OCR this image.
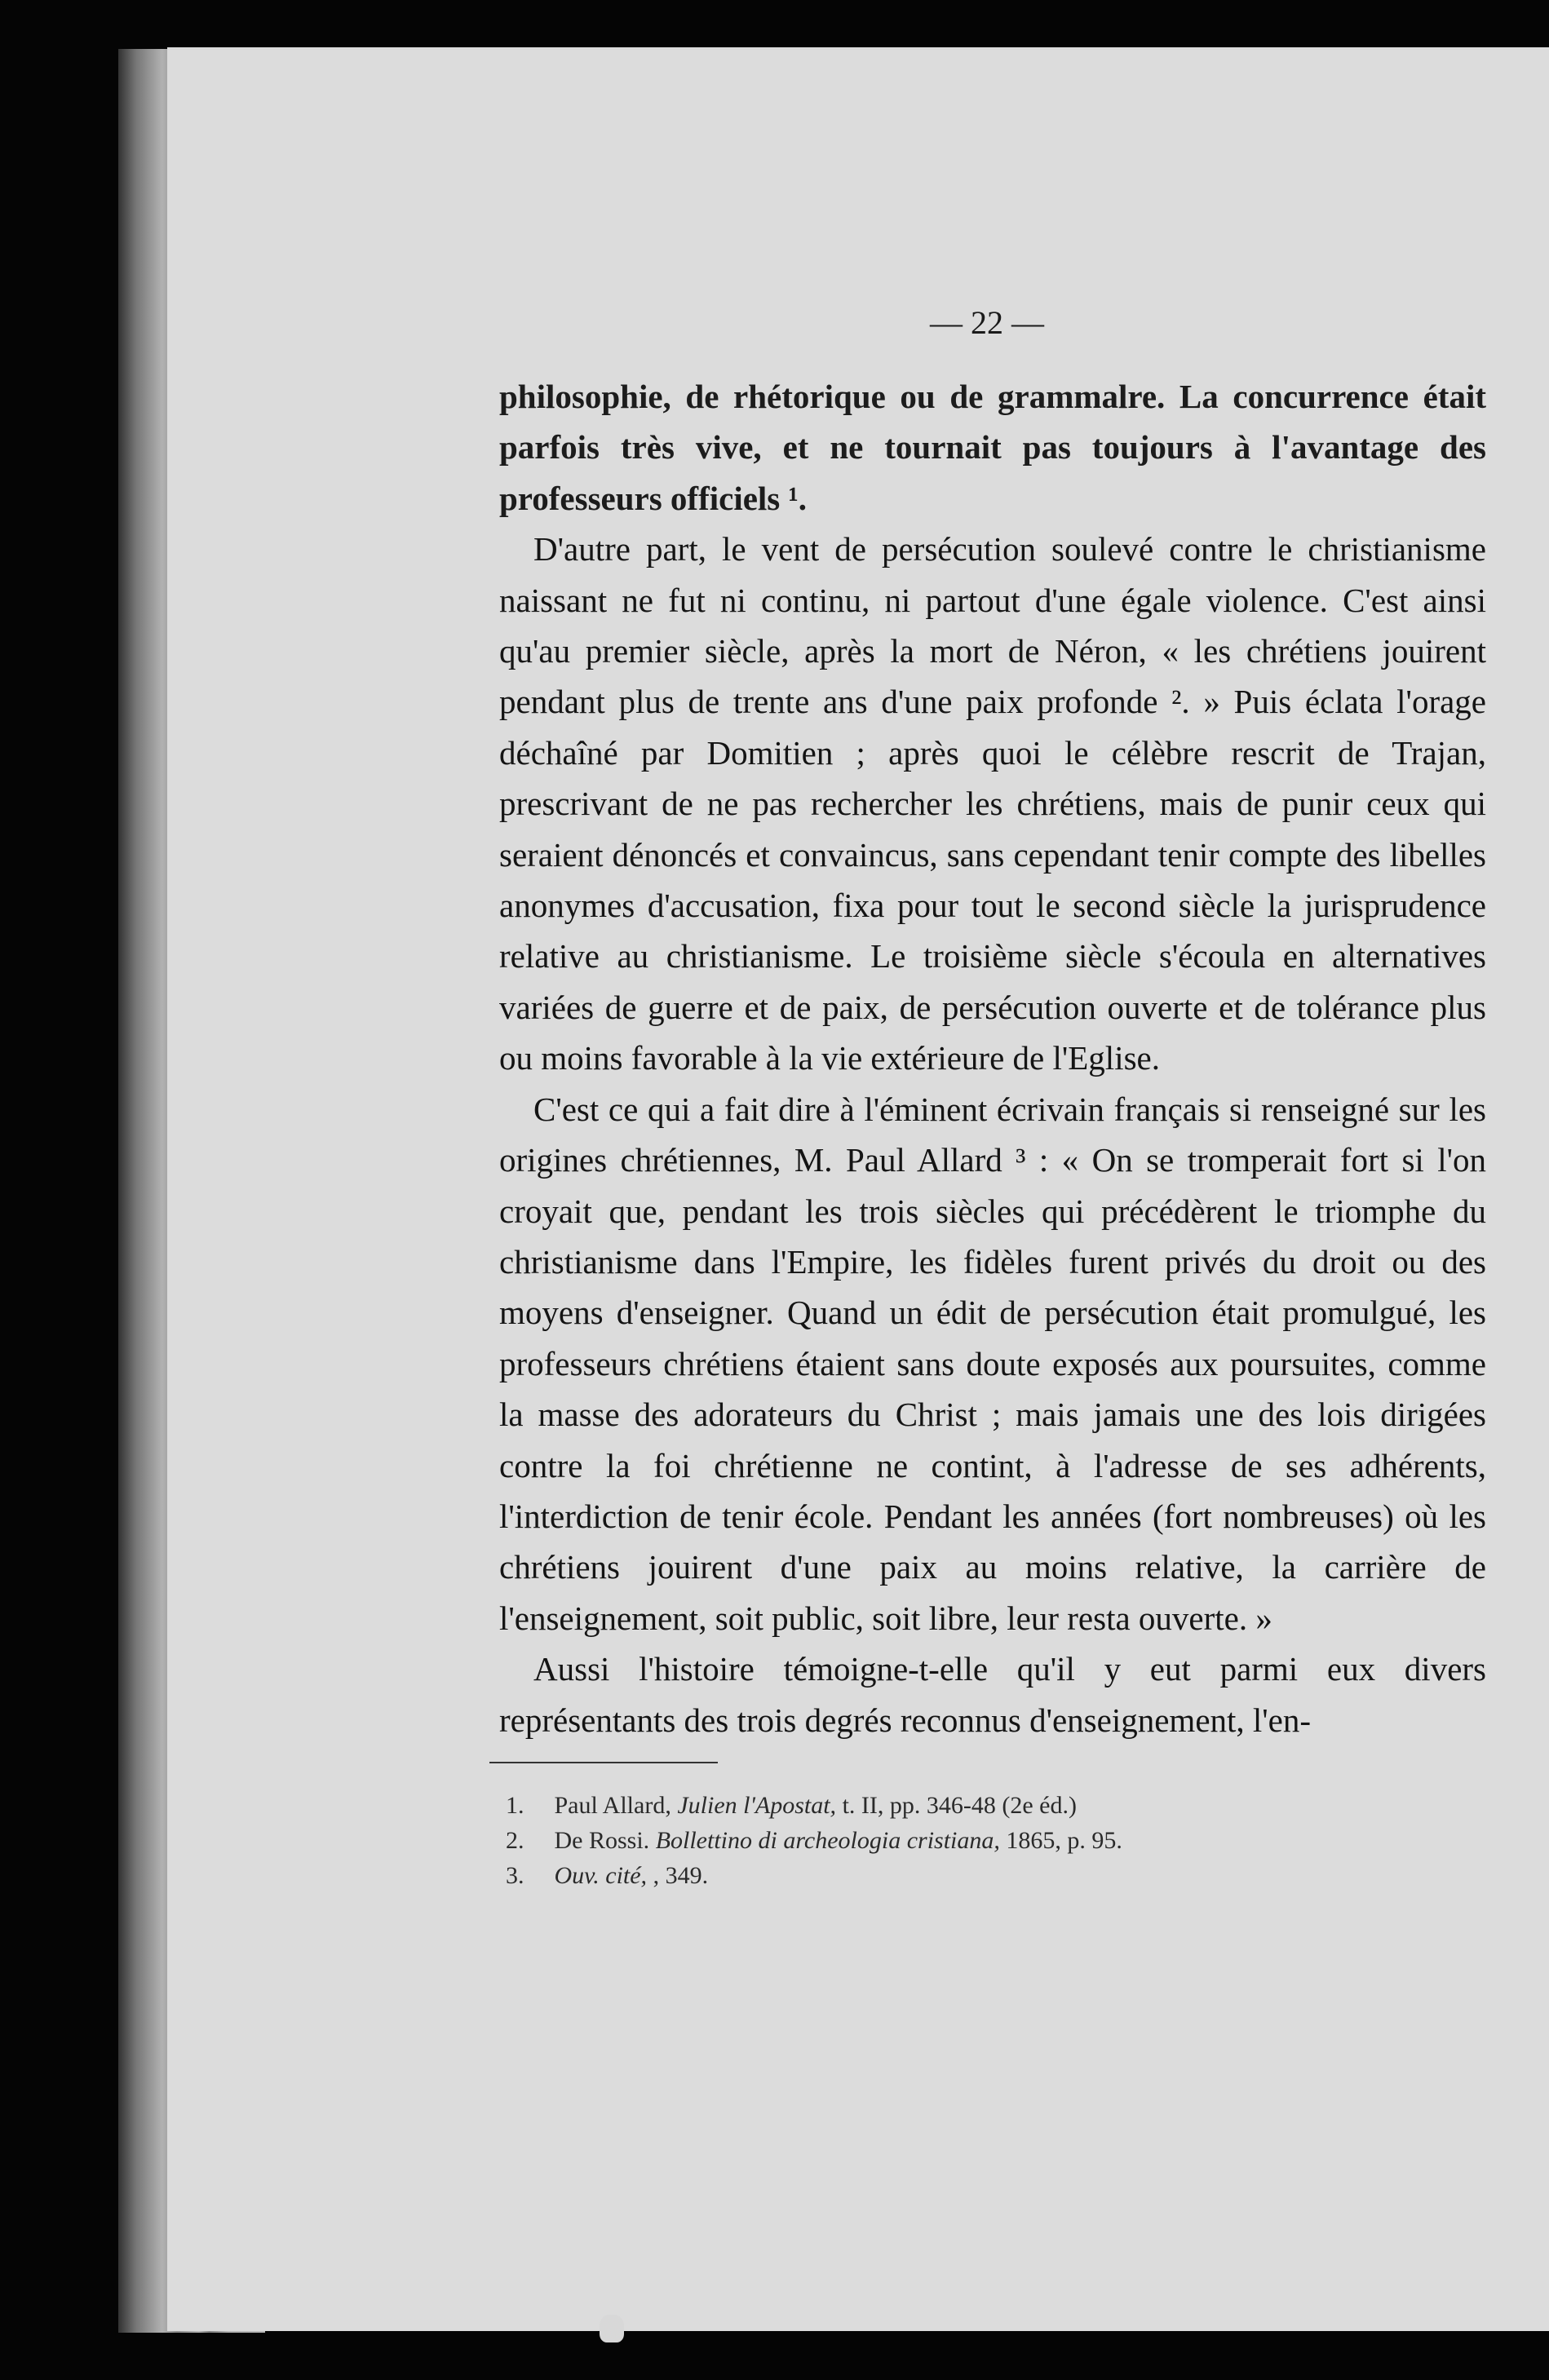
— 22 —

philosophie, de rhétorique ou de grammalre. La concurrence était parfois très vive, et ne tournait pas toujours à l'avantage des professeurs officiels ¹.

D'autre part, le vent de persécution soulevé contre le christianisme naissant ne fut ni continu, ni partout d'une égale violence. C'est ainsi qu'au premier siècle, après la mort de Néron, « les chrétiens jouirent pendant plus de trente ans d'une paix profonde ². » Puis éclata l'orage déchaîné par Domitien ; après quoi le célèbre rescrit de Trajan, prescrivant de ne pas rechercher les chrétiens, mais de punir ceux qui seraient dénoncés et convaincus, sans cependant tenir compte des libelles anonymes d'accusation, fixa pour tout le second siècle la jurisprudence relative au christianisme. Le troisième siècle s'écoula en alternatives variées de guerre et de paix, de persécution ouverte et de tolérance plus ou moins favorable à la vie extérieure de l'Eglise.

C'est ce qui a fait dire à l'éminent écrivain français si renseigné sur les origines chrétiennes, M. Paul Allard ³ : « On se tromperait fort si l'on croyait que, pendant les trois siècles qui précédèrent le triomphe du christianisme dans l'Empire, les fidèles furent privés du droit ou des moyens d'enseigner. Quand un édit de persécution était promulgué, les professeurs chrétiens étaient sans doute exposés aux poursuites, comme la masse des adorateurs du Christ ; mais jamais une des lois dirigées contre la foi chrétienne ne contint, à l'adresse de ses adhérents, l'interdiction de tenir école. Pendant les années (fort nombreuses) où les chrétiens jouirent d'une paix au moins relative, la carrière de l'enseignement, soit public, soit libre, leur resta ouverte. »

Aussi l'histoire témoigne-t-elle qu'il y eut parmi eux divers représentants des trois degrés reconnus d'enseignement, l'en-

1. Paul Allard, Julien l'Apostat, t. II, pp. 346-48 (2e éd.)
2. De Rossi. Bollettino di archeologia cristiana, 1865, p. 95.
3. Ouv. cité, , 349.
